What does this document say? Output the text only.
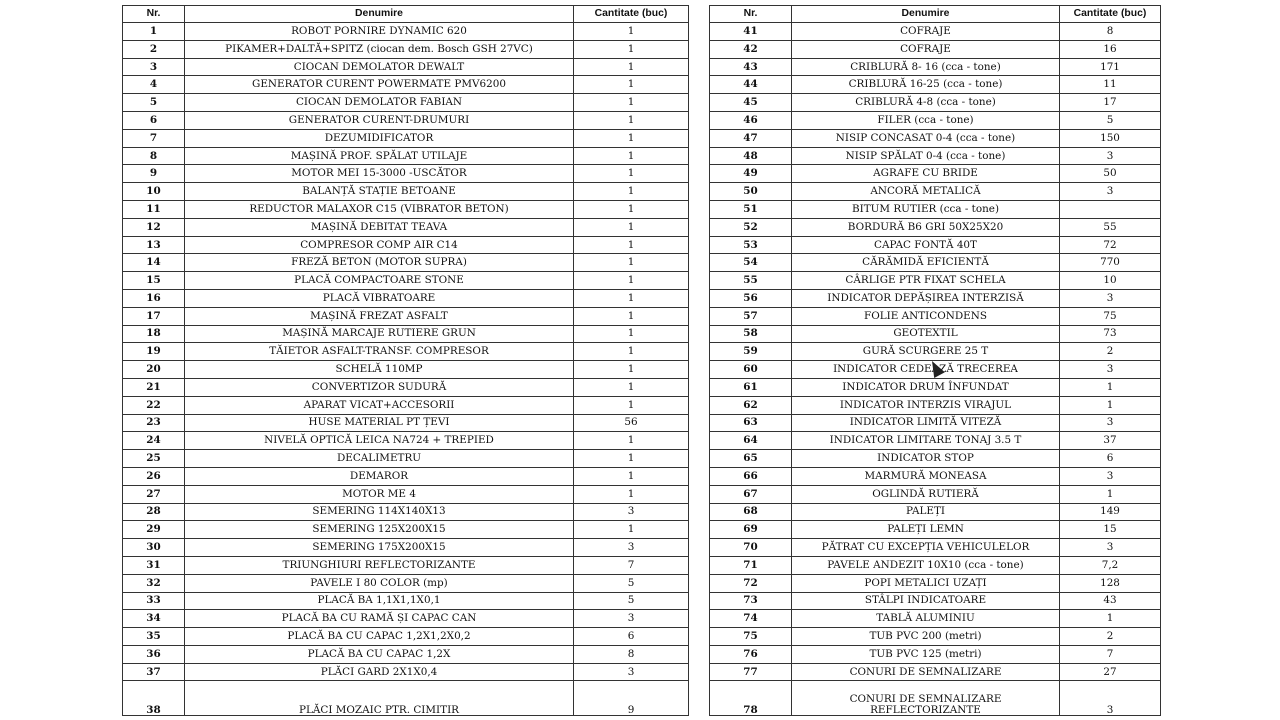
Nr.	Denumire	Cantitate (buc)
1	ROBOT PORNIRE DYNAMIC 620	1
2	PIKAMER+DALTĂ+SPITZ (ciocan dem. Bosch GSH 27VC)	1
3	CIOCAN DEMOLATOR DEWALT	1
4	GENERATOR CURENT POWERMATE PMV6200	1
5	CIOCAN DEMOLATOR FABIAN	1
6	GENERATOR CURENT-DRUMURI	1
7	DEZUMIDIFICATOR	1
8	MAȘINĂ PROF. SPĂLAT UTILAJE	1
9	MOTOR MEI 15-3000 -USCĂTOR	1
10	BALANȚĂ STAȚIE BETOANE	1
11	REDUCTOR MALAXOR C15 (VIBRATOR BETON)	1
12	MAȘINĂ DEBITAT TEAVA	1
13	COMPRESOR COMP AIR C14	1
14	FREZĂ BETON (MOTOR SUPRA)	1
15	PLACĂ COMPACTOARE STONE	1
16	PLACĂ VIBRATOARE	1
17	MAȘINĂ FREZAT ASFALT	1
18	MAȘINĂ MARCAJE RUTIERE GRUN	1
19	TĂIETOR ASFALT-TRANSF. COMPRESOR	1
20	SCHELĂ 110MP	1
21	CONVERTIZOR SUDURĂ	1
22	APARAT VICAT+ACCESORII	1
23	HUSE MATERIAL PT ȚEVI	56
24	NIVELĂ OPTICĂ LEICA NA724 + TREPIED	1
25	DECALIMETRU	1
26	DEMAROR	1
27	MOTOR ME 4	1
28	SEMERING 114X140X13	3
29	SEMERING 125X200X15	1
30	SEMERING 175X200X15	3
31	TRIUNGHIURI REFLECTORIZANTE	7
32	PAVELE I 80 COLOR (mp)	5
33	PLACĂ BA 1,1X1,1X0,1	5
34	PLACĂ BA CU RAMĂ ȘI CAPAC CAN	3
35	PLACĂ BA CU CAPAC 1,2X1,2X0,2	6
36	PLACĂ BA CU CAPAC 1,2X	8
37	PLĂCI GARD 2X1X0,4	3
38	PLĂCI MOZAIC PTR. CIMITIR	9
Nr.	Denumire	Cantitate (buc)
41	COFRAJE	8
42	COFRAJE	16
43	CRIBLURĂ 8- 16 (cca - tone)	171
44	CRIBLURĂ 16-25 (cca - tone)	11
45	CRIBLURĂ 4-8 (cca - tone)	17
46	FILER (cca - tone)	5
47	NISIP CONCASAT 0-4 (cca - tone)	150
48	NISIP SPĂLAT 0-4 (cca - tone)	3
49	AGRAFE CU BRIDE	50
50	ANCORĂ METALICĂ	3
51	BITUM RUTIER (cca - tone)	
52	BORDURĂ B6 GRI 50X25X20	55
53	CAPAC FONTĂ 40T	72
54	CĂRĂMIDĂ EFICIENTĂ	770
55	CÂRLIGE PTR FIXAT SCHELA	10
56	INDICATOR DEPĂȘIREA INTERZISĂ	3
57	FOLIE ANTICONDENS	75
58	GEOTEXTIL	73
59	GURĂ SCURGERE 25 T	2
60	INDICATOR CEDEAZĂ TRECEREA	3
61	INDICATOR DRUM ÎNFUNDAT	1
62	INDICATOR INTERZIS VIRAJUL	1
63	INDICATOR LIMITĂ VITEZĂ	3
64	INDICATOR LIMITARE TONAJ 3.5 T	37
65	INDICATOR STOP	6
66	MARMURĂ MONEASA	3
67	OGLINDĂ RUTIERĂ	1
68	PALEȚI	149
69	PALEȚI LEMN	15
70	PĂTRAT CU EXCEPȚIA VEHICULELOR	3
71	PAVELE ANDEZIT 10X10 (cca - tone)	7,2
72	POPI METALICI UZAȚI	128
73	STÂLPI INDICATOARE	43
74	TABLĂ ALUMINIU	1
75	TUB PVC 200 (metri)	2
76	TUB PVC 125 (metri)	7
77	CONURI DE SEMNALIZARE	27
78	CONURI DE SEMNALIZARE REFLECTORIZANTE	3
